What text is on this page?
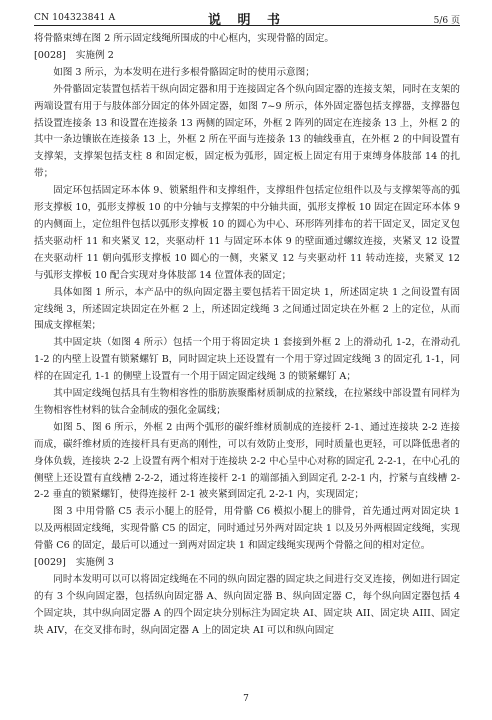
CN 104323841 A	说 明 书	5/6 页

将骨骼束缚在图 2 所示固定线绳所围成的中心框内，实现骨骼的固定。

[0028] 实施例 2

如图 3 所示，为本发明在进行多根骨骼固定时的使用示意图；

外骨骼固定装置包括若干纵向固定器和用于连接固定各个纵向固定器的连接支架，同时在支架的两端设置有用于与肢体部分固定的体外固定器，如图 7~9 所示，体外固定器包括支撑器，支撑器包括设置连接条 13 和设置在连接条 13 两侧的固定环，外框 2 阵列的固定在连接条 13 上，外框 2 的其中一条边镶嵌在连接条 13 上，外框 2 所在平面与连接条 13 的轴线垂直，在外框 2 的中间设置有支撑架，支撑架包括支柱 8 和固定板，固定板为弧形，固定板上固定有用于束缚身体肢部 14 的扎带；

固定环包括固定环本体 9、锁紧组件和支撑组件，支撑组件包括定位组件以及与支撑架等高的弧形支撑板 10，弧形支撑板 10 的中分轴与支撑架的中分轴共面，弧形支撑板 10 固定在固定环本体 9 的内侧面上，定位组件包括以弧形支撑板 10 的圆心为中心、环形阵列排布的若干固定叉，固定叉包括夹驱动杆 11 和夹紧叉 12，夹驱动杆 11 与固定环本体 9 的壁面通过螺纹连接，夹紧叉 12 设置在夹驱动杆 11 朝向弧形支撑板 10 圆心的一侧，夹紧叉 12 与夹驱动杆 11 转动连接，夹紧叉 12 与弧形支撑板 10 配合实现对身体肢部 14 位置体表的固定；

具体如图 1 所示，本产品中的纵向固定器主要包括若干固定块 1，所述固定块 1 之间设置有固定线绳 3，所述固定块固定在外框 2 上，所述固定线绳 3 之间通过固定块在外框 2 上的定位，从而围成支撑框架；

其中固定块（如图 4 所示）包括一个用于将固定块 1 套接到外框 2 上的滑动孔 1-2，在滑动孔 1-2 的内壁上设置有锁紧螺钉 B，同时固定块上还设置有一个用于穿过固定线绳 3 的固定孔 1-1，同样的在固定孔 1-1 的侧壁上设置有一个用于固定固定线绳 3 的锁紧螺钉 A；

其中固定线绳包括具有生物相容性的脂肪族聚酯材质制成的拉紧线，在拉紧线中部设置有同样为生物相容性材料的钛合金制成的强化金属线；

如图 5、图 6 所示，外框 2 由两个弧形的碳纤维材质制成的连接杆 2-1、通过连接块 2-2 连接而成，碳纤维材质的连接杆具有更高的刚性，可以有效防止变形，同时质量也更轻，可以降低患者的身体负载，连接块 2-2 上设置有两个相对于连接块 2-2 中心呈中心对称的固定孔 2-2-1，在中心孔的侧壁上还设置有直线槽 2-2-2，通过将连接杆 2-1 的端部插入到固定孔 2-2-1 内，拧紧与直线槽 2-2-2 垂直的锁紧螺钉，使得连接杆 2-1 被夹紧到固定孔 2-2-1 内，实现固定；

图 3 中用骨骼 C5 表示小腿上的胫骨，用骨骼 C6 模拟小腿上的腓骨，首先通过两对固定块 1 以及两根固定线绳，实现骨骼 C5 的固定，同时通过另外两对固定块 1 以及另外两根固定线绳，实现骨骼 C6 的固定，最后可以通过一到两对固定块 1 和固定线绳实现两个骨骼之间的相对定位。

[0029] 实施例 3

同时本发明可以可以将固定线绳在不同的纵向固定器的固定块之间进行交叉连接，例如进行固定的有 3 个纵向固定器，包括纵向固定器 A、纵向固定器 B、纵向固定器 C，每个纵向固定器包括 4 个固定块，其中纵向固定器 A 的四个固定块分别标注为固定块 AI、固定块 AII、固定块 AIII、固定块 AIV，在交叉排布时，纵向固定器 A 上的固定块 AI 可以和纵向固定

7
